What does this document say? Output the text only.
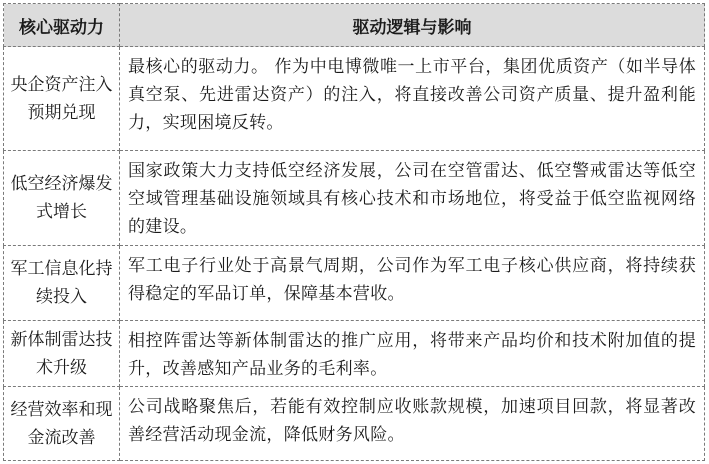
核心驱动力	驱动逻辑与影响
央企资产注入预期兑现	最核心的驱动力。 作为中电博微唯一上市平台，集团优质资产（如半导体真空泵、先进雷达资产）的注入，将直接改善公司资产质量、提升盈利能力，实现困境反转。
低空经济爆发式增长	国家政策大力支持低空经济发展，公司在空管雷达、低空警戒雷达等低空空域管理基础设施领域具有核心技术和市场地位，将受益于低空监视网络的建设。
军工信息化持续投入	军工电子行业处于高景气周期，公司作为军工电子核心供应商，将持续获得稳定的军品订单，保障基本营收。
新体制雷达技术升级	相控阵雷达等新体制雷达的推广应用，将带来产品均价和技术附加值的提升，改善感知产品业务的毛利率。
经营效率和现金流改善	公司战略聚焦后，若能有效控制应收账款规模，加速项目回款，将显著改善经营活动现金流，降低财务风险。
